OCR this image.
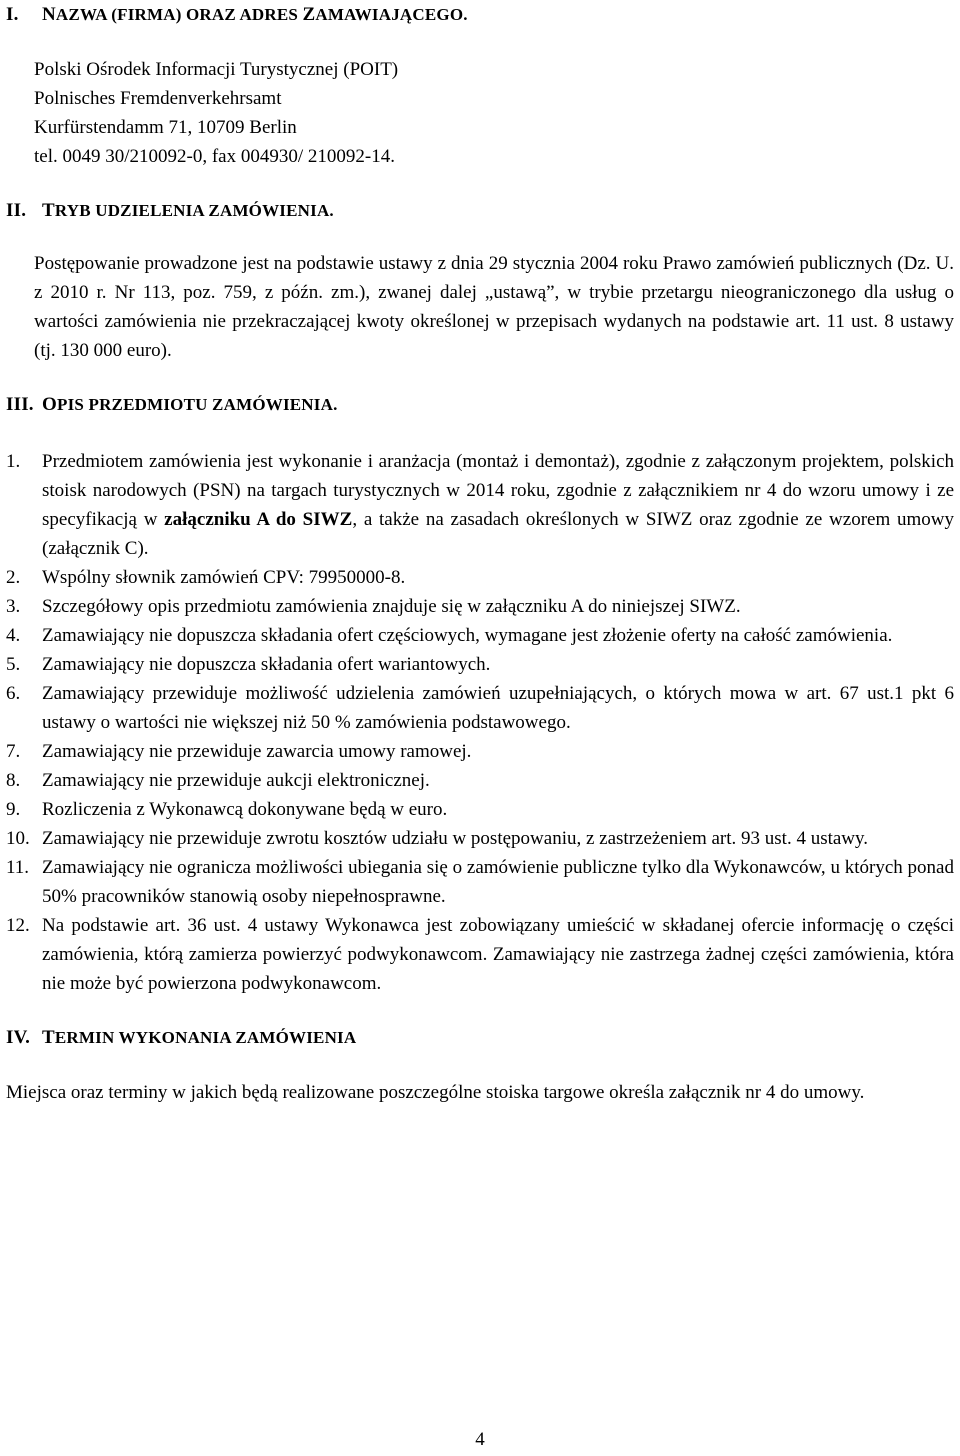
I. NAZWA (FIRMA) ORAZ ADRES ZAMAWIAJĄCEGO.
Polski Ośrodek Informacji Turystycznej (POIT)
Polnisches Fremdenverkehrsamt
Kurfürstendamm 71, 10709 Berlin
tel. 0049 30/210092-0, fax 004930/ 210092-14.
II. TRYB UDZIELENIA ZAMÓWIENIA.
Postępowanie prowadzone jest na podstawie ustawy z dnia 29 stycznia 2004 roku Prawo zamówień publicznych (Dz. U. z 2010 r. Nr 113, poz. 759, z późn. zm.), zwanej dalej „ustawą”, w trybie przetargu nieograniczonego dla usług o wartości zamówienia nie przekraczającej kwoty określonej w przepisach wydanych na podstawie art. 11 ust. 8 ustawy (tj. 130 000 euro).
III. OPIS PRZEDMIOTU ZAMÓWIENIA.
1. Przedmiotem zamówienia jest wykonanie i aranżacja (montaż i demontaż), zgodnie z załączonym projektem, polskich stoisk narodowych (PSN) na targach turystycznych w 2014 roku, zgodnie z załącznikiem nr 4 do wzoru umowy i ze specyfikacją w załączniku A do SIWZ, a także na zasadach określonych w SIWZ oraz zgodnie ze wzorem umowy (załącznik C).
2. Wspólny słownik zamówień CPV: 79950000-8.
3. Szczegółowy opis przedmiotu zamówienia znajduje się w załączniku A do niniejszej SIWZ.
4. Zamawiający nie dopuszcza składania ofert częściowych, wymagane jest złożenie oferty na całość zamówienia.
5. Zamawiający nie dopuszcza składania ofert wariantowych.
6. Zamawiający przewiduje możliwość udzielenia zamówień uzupełniających, o których mowa w art. 67 ust.1 pkt 6 ustawy o wartości nie większej niż 50 % zamówienia podstawowego.
7. Zamawiający nie przewiduje zawarcia umowy ramowej.
8. Zamawiający nie przewiduje aukcji elektronicznej.
9. Rozliczenia z Wykonawcą dokonywane będą w euro.
10. Zamawiający nie przewiduje zwrotu kosztów udziału w postępowaniu, z zastrzeżeniem art. 93 ust. 4 ustawy.
11. Zamawiający nie ogranicza możliwości ubiegania się o zamówienie publiczne tylko dla Wykonawców, u których ponad 50% pracowników stanowią osoby niepełnosprawne.
12. Na podstawie art. 36 ust. 4 ustawy Wykonawca jest zobowiązany umieścić w składanej ofercie informację o części zamówienia, którą zamierza powierzyć podwykonawcom. Zamawiający nie zastrzega żadnej części zamówienia, która nie może być powierzona podwykonawcom.
IV. TERMIN WYKONANIA ZAMÓWIENIA
Miejsca oraz terminy w jakich będą realizowane poszczególne stoiska targowe określa załącznik nr 4 do umowy.
4
